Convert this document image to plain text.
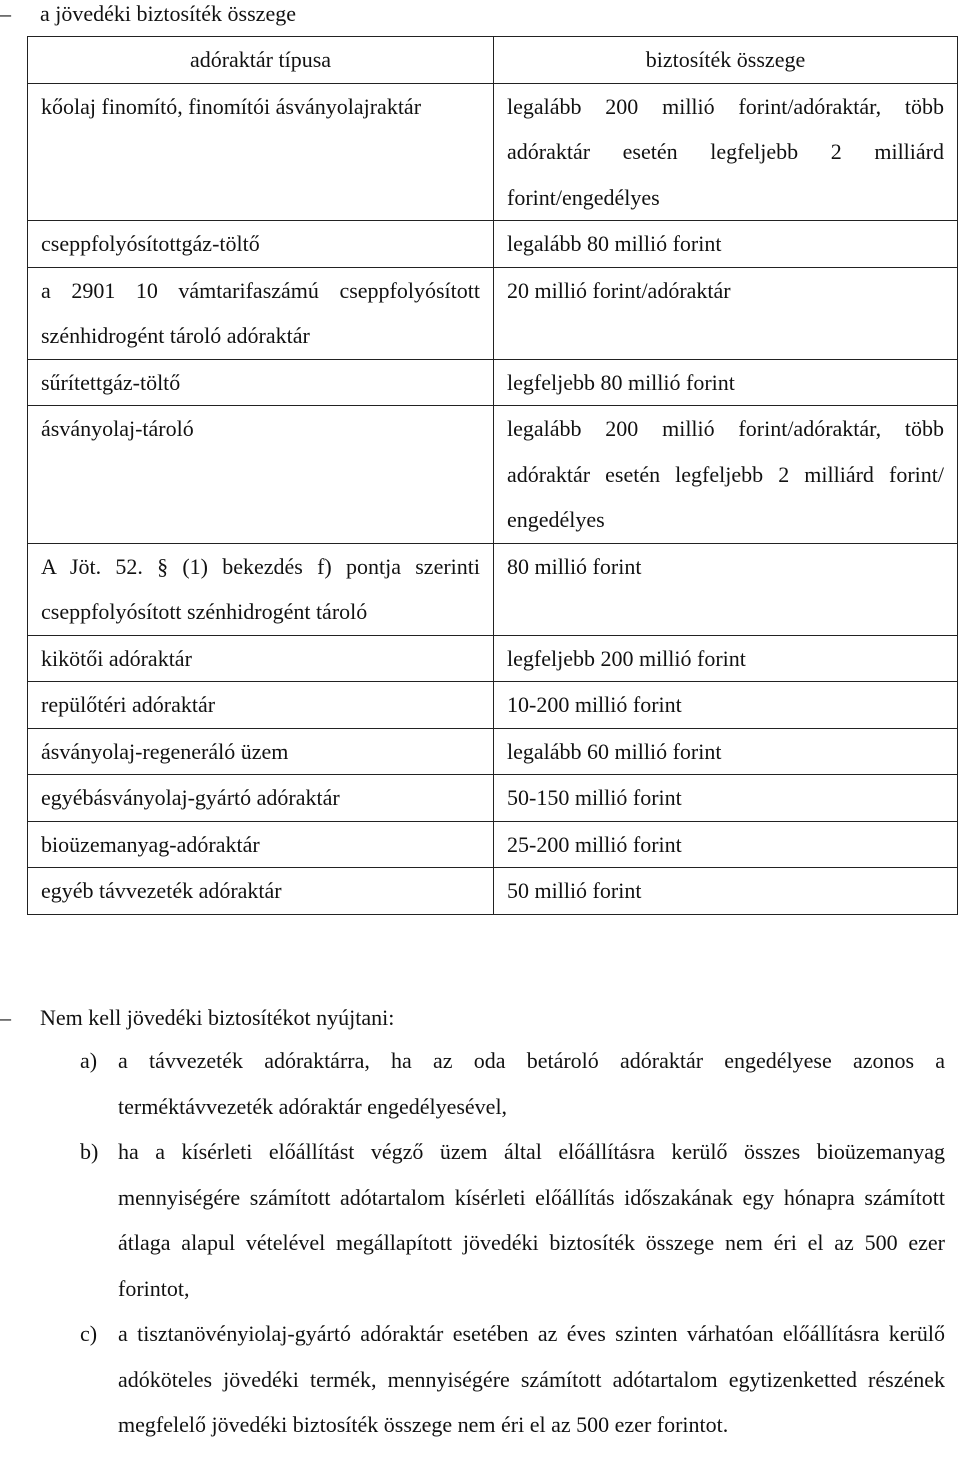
–	a jövedéki biztosíték összege
adóraktár típusa	biztosíték összege
kőolaj finomító, finomítói ásványolajraktár	legalább 200 millió forint/adóraktár, több adóraktár esetén legfeljebb 2 milliárd forint/engedélyes
cseppfolyósítottgáz-töltő	legalább 80 millió forint
a 2901 10 vámtarifaszámú cseppfolyósított szénhidrogént tároló adóraktár	20 millió forint/adóraktár
sűrítettgáz-töltő	legfeljebb 80 millió forint
ásványolaj-tároló	legalább 200 millió forint/adóraktár, több adóraktár esetén legfeljebb 2 milliárd forint/ engedélyes
A Jöt. 52. § (1) bekezdés f) pontja szerinti cseppfolyósított szénhidrogént tároló	80 millió forint
kikötői adóraktár	legfeljebb 200 millió forint
repülőtéri adóraktár	10-200 millió forint
ásványolaj-regeneráló üzem	legalább 60 millió forint
egyébásványolaj-gyártó adóraktár	50-150 millió forint
bioüzemanyag-adóraktár	25-200 millió forint
egyéb távvezeték adóraktár	50 millió forint
–	Nem kell jövedéki biztosítékot nyújtani:
a) a távvezeték adóraktárra, ha az oda betároló adóraktár engedélyese azonos a terméktávvezeték adóraktár engedélyesével,
b) ha a kísérleti előállítást végző üzem által előállításra kerülő összes bioüzemanyag mennyiségére számított adótartalom kísérleti előállítás időszakának egy hónapra számított átlaga alapul vételével megállapított jövedéki biztosíték összege nem éri el az 500 ezer forintot,
c) a tisztanövényiolaj-gyártó adóraktár esetében az éves szinten várhatóan előállításra kerülő adóköteles jövedéki termék, mennyiségére számított adótartalom egytizenketted részének megfelelő jövedéki biztosíték összege nem éri el az 500 ezer forintot.
